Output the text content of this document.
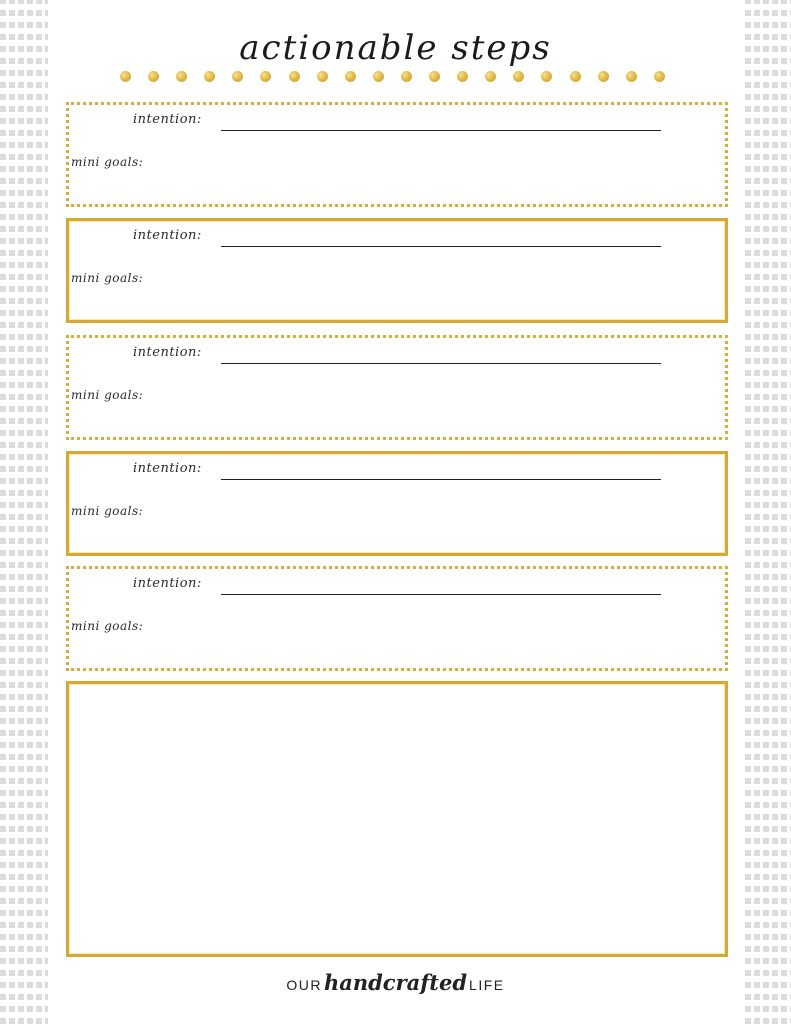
actionable steps
intention:
mini goals:
intention:
mini goals:
intention:
mini goals:
intention:
mini goals:
intention:
mini goals:
OURhandcrafted LIFE
